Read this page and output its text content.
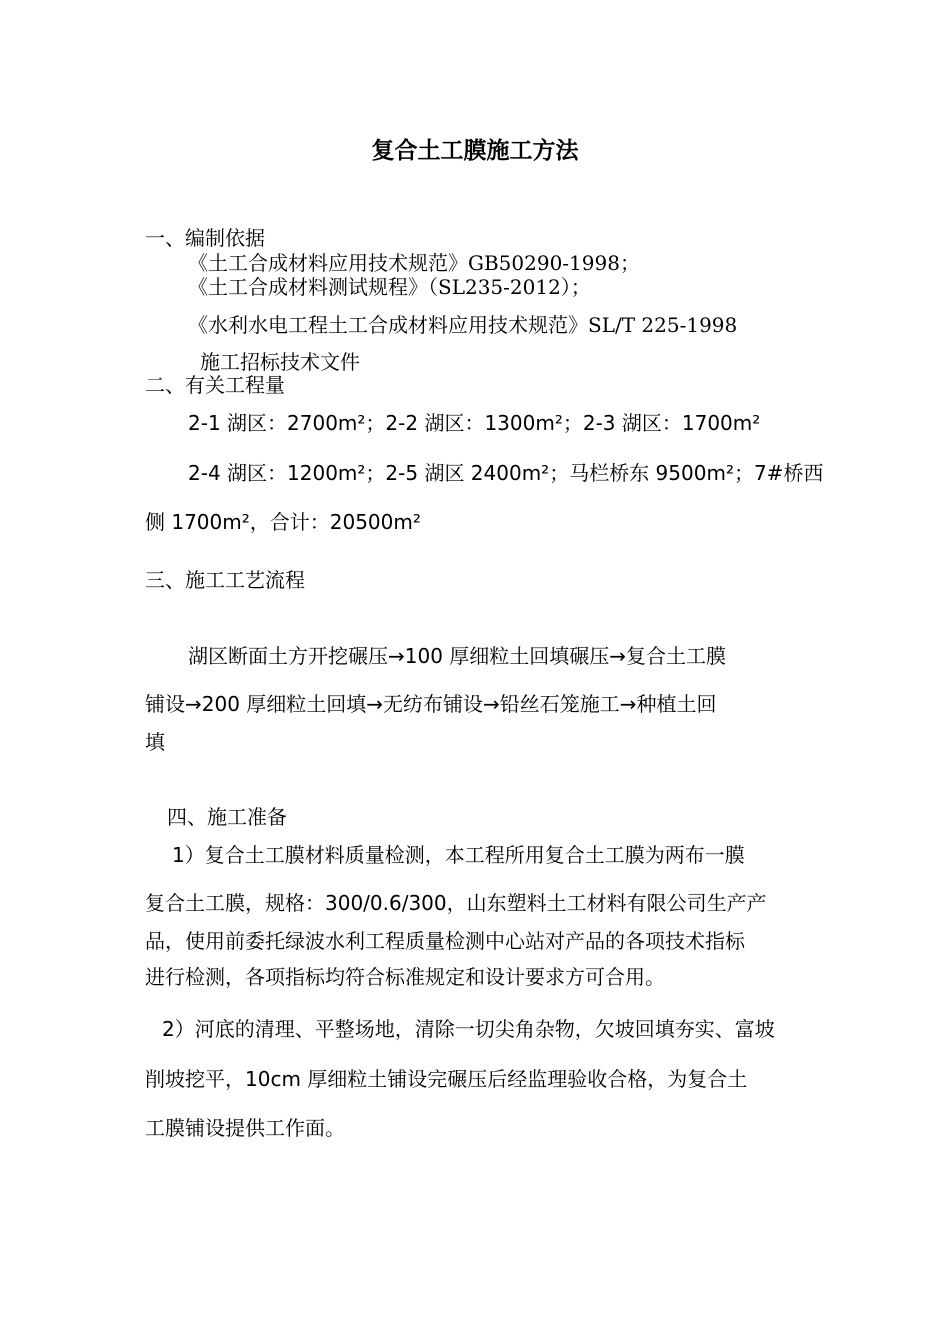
复合土工膜施工方法
一、编制依据
《土工合成材料应用技术规范》GB50290-1998；
《土工合成材料测试规程》（SL235-2012）；
《水利水电工程土工合成材料应用技术规范》SL/T 225-1998
施工招标技术文件
二、有关工程量
2-1 湖区：2700m²；2-2 湖区：1300m²；2-3 湖区：1700m²
2-4 湖区：1200m²；2-5 湖区 2400m²；马栏桥东 9500m²；7#桥西
侧 1700m²，合计：20500m²
三、施工工艺流程
湖区断面土方开挖碾压→100 厚细粒土回填碾压→复合土工膜
铺设→200 厚细粒土回填→无纺布铺设→铅丝石笼施工→种植土回
填
四、施工准备
1）复合土工膜材料质量检测，本工程所用复合土工膜为两布一膜
复合土工膜，规格：300/0.6/300，山东塑料土工材料有限公司生产产
品，使用前委托绿波水利工程质量检测中心站对产品的各项技术指标
进行检测，各项指标均符合标准规定和设计要求方可合用。
2）河底的清理、平整场地，清除一切尖角杂物，欠坡回填夯实、富坡
削坡挖平，10cm 厚细粒土铺设完碾压后经监理验收合格，为复合土
工膜铺设提供工作面。
